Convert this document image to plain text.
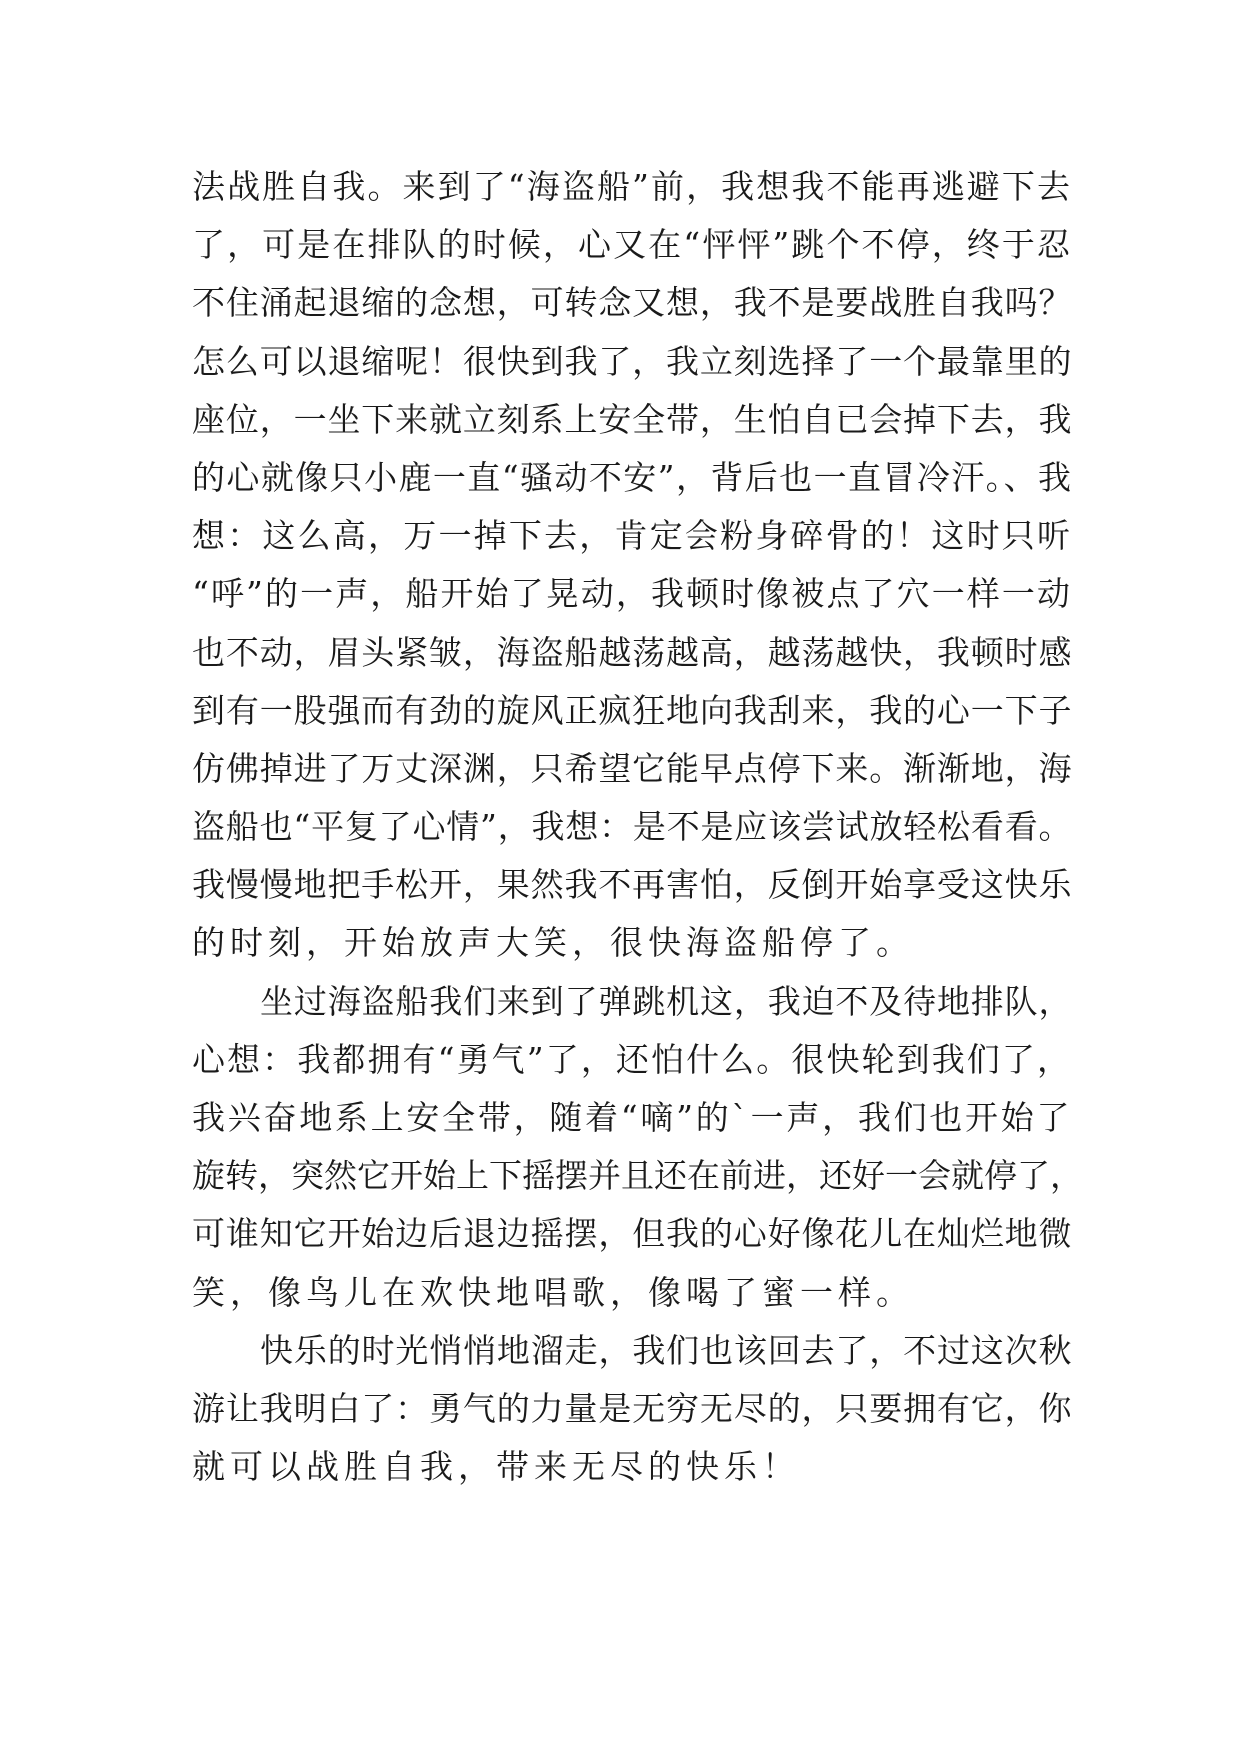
法战胜自我。来到了“海盗船”前，我想我不能再逃避下去
了，可是在排队的时候，心又在“怦怦”跳个不停，终于忍
不住涌起退缩的念想，可转念又想，我不是要战胜自我吗？
怎么可以退缩呢！很快到我了，我立刻选择了一个最靠里的
座位，一坐下来就立刻系上安全带，生怕自已会掉下去，我
的心就像只小鹿一直“骚动不安”，背后也一直冒冷汗。、我
想：这么高，万一掉下去，肯定会粉身碎骨的！这时只听
“呼”的一声，船开始了晃动，我顿时像被点了穴一样一动
也不动，眉头紧皱，海盗船越荡越高，越荡越快，我顿时感
到有一股强而有劲的旋风正疯狂地向我刮来，我的心一下子
仿佛掉进了万丈深渊，只希望它能早点停下来。渐渐地，海
盗船也“平复了心情”，我想：是不是应该尝试放轻松看看。
我慢慢地把手松开，果然我不再害怕，反倒开始享受这快乐
的时刻，开始放声大笑，很快海盗船停了。
坐过海盗船我们来到了弹跳机这，我迫不及待地排队，
心想：我都拥有“勇气”了，还怕什么。很快轮到我们了，
我兴奋地系上安全带，随着“嘀”的`一声，我们也开始了
旋转，突然它开始上下摇摆并且还在前进，还好一会就停了，
可谁知它开始边后退边摇摆，但我的心好像花儿在灿烂地微
笑，像鸟儿在欢快地唱歌，像喝了蜜一样。
快乐的时光悄悄地溜走，我们也该回去了，不过这次秋
游让我明白了：勇气的力量是无穷无尽的，只要拥有它，你
就可以战胜自我，带来无尽的快乐！
